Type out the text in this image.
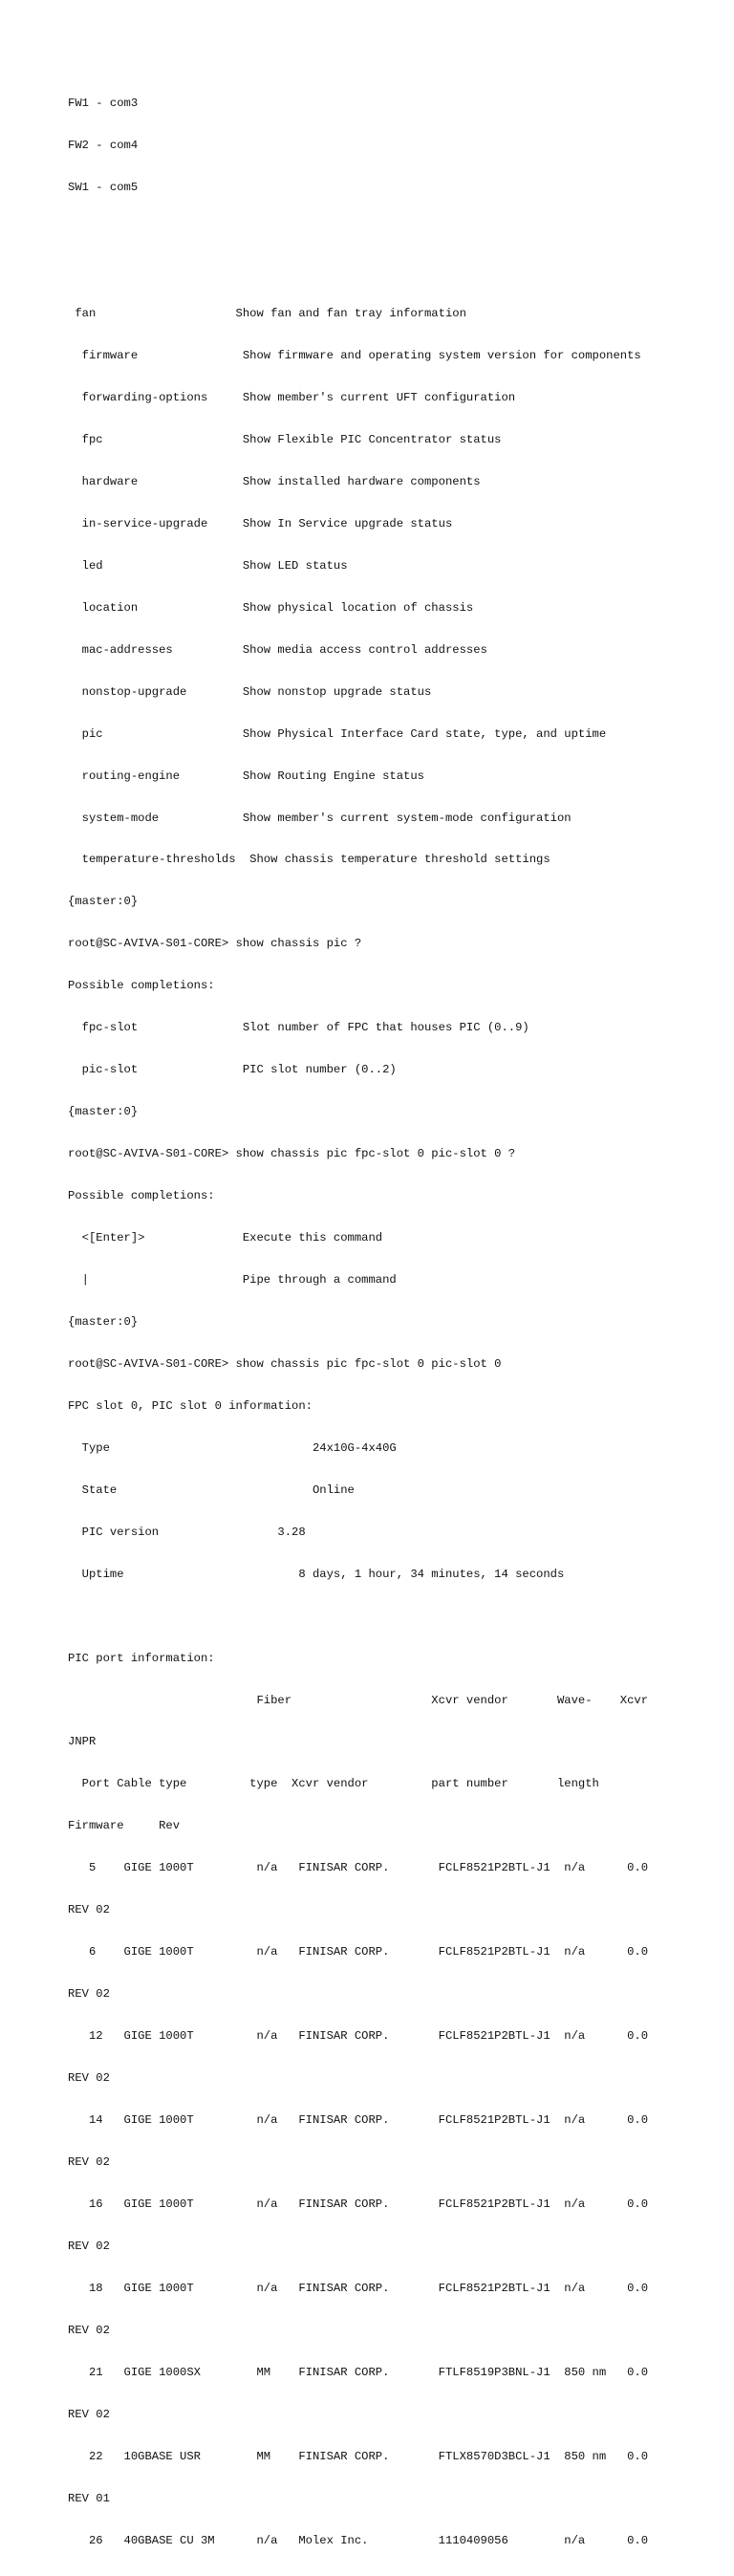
FW1 - com3

FW2 - com4

SW1 - com5

fan                    Show fan and fan tray information

firmware               Show firmware and operating system version for components

forwarding-options     Show member's current UFT configuration

fpc                    Show Flexible PIC Concentrator status

hardware               Show installed hardware components

in-service-upgrade     Show In Service upgrade status

led                    Show LED status

location               Show physical location of chassis

mac-addresses          Show media access control addresses

nonstop-upgrade        Show nonstop upgrade status

pic                    Show Physical Interface Card state, type, and uptime

routing-engine         Show Routing Engine status

system-mode            Show member's current system-mode configuration

temperature-thresholds  Show chassis temperature threshold settings

{master:0}

root@SC-AVIVA-S01-CORE> show chassis pic ?

Possible completions:

fpc-slot               Slot number of FPC that houses PIC (0..9)

pic-slot               PIC slot number (0..2)

{master:0}

root@SC-AVIVA-S01-CORE> show chassis pic fpc-slot 0 pic-slot 0 ?

Possible completions:

<[Enter]>              Execute this command

|                      Pipe through a command

{master:0}

root@SC-AVIVA-S01-CORE> show chassis pic fpc-slot 0 pic-slot 0

FPC slot 0, PIC slot 0 information:

Type                             24x10G-4x40G

State                            Online

PIC version                 3.28

Uptime                         8 days, 1 hour, 34 minutes, 14 seconds

PIC port information:

Fiber                    Xcvr vendor       Wave-    Xcvr

JNPR

Port Cable type         type  Xcvr vendor         part number       length

Firmware     Rev

5    GIGE 1000T         n/a   FINISAR CORP.       FCLF8521P2BTL-J1  n/a      0.0

REV 02

6    GIGE 1000T         n/a   FINISAR CORP.       FCLF8521P2BTL-J1  n/a      0.0

REV 02

12   GIGE 1000T         n/a   FINISAR CORP.       FCLF8521P2BTL-J1  n/a      0.0

REV 02

14   GIGE 1000T         n/a   FINISAR CORP.       FCLF8521P2BTL-J1  n/a      0.0

REV 02

16   GIGE 1000T         n/a   FINISAR CORP.       FCLF8521P2BTL-J1  n/a      0.0

REV 02

18   GIGE 1000T         n/a   FINISAR CORP.       FCLF8521P2BTL-J1  n/a      0.0

REV 02

21   GIGE 1000SX        MM    FINISAR CORP.       FTLF8519P3BNL-J1  850 nm   0.0

REV 02

22   10GBASE USR        MM    FINISAR CORP.       FTLX8570D3BCL-J1  850 nm   0.0

REV 01

26   40GBASE CU 3M      n/a   Molex Inc.          1110409056        n/a      0.0
